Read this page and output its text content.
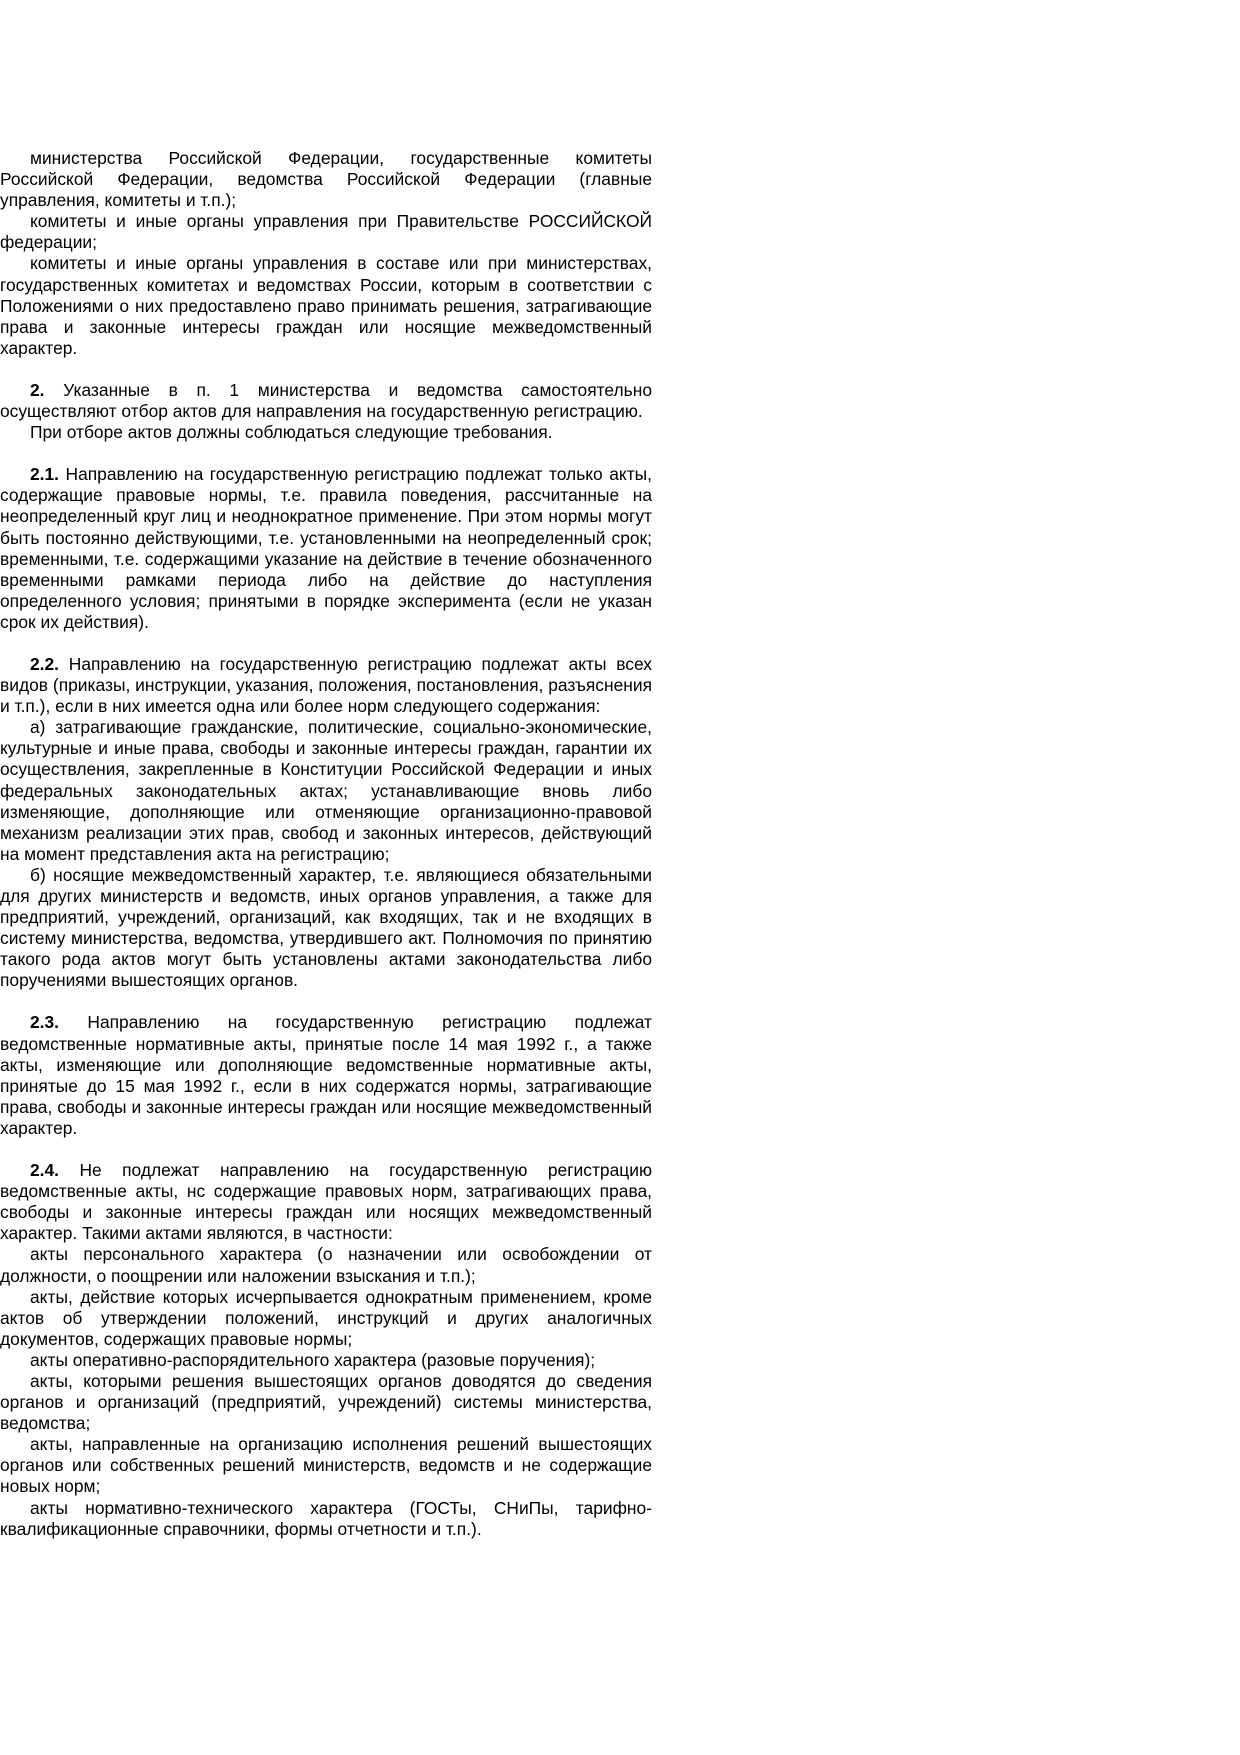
министерства Российской Федерации, государственные комитеты Российской Федерации, ведомства Российской Федерации (главные управления, комитеты и т.п.);

комитеты и иные органы управления при Правительстве РОССИЙСКОЙ федерации;

комитеты и иные органы управления в составе или при министерствах, государственных комитетах и ведомствах России, которым в соответствии с Положениями о них предоставлено право принимать решения, затрагивающие права и законные интересы граждан или носящие межведомственный характер.

2. Указанные в п. 1 министерства и ведомства самостоятельно осуществляют отбор актов для направления на государственную регистрацию.

При отборе актов должны соблюдаться следующие требования.

2.1. Направлению на государственную регистрацию подлежат только акты, содержащие правовые нормы, т.е. правила поведения, рассчитанные на неопределенный круг лиц и неоднократное применение. При этом нормы могут быть постоянно действующими, т.е. установленными на неопределенный срок; временными, т.е. содержащими указание на действие в течение обозначенного временными рамками периода либо на действие до наступления определенного условия; принятыми в порядке эксперимента (если не указан срок их действия).

2.2. Направлению на государственную регистрацию подлежат акты всех видов (приказы, инструкции, указания, положения, постановления, разъяснения и т.п.), если в них имеется одна или более норм следующего содержания:

а) затрагивающие гражданские, политические, социально-экономические, культурные и иные права, свободы и законные интересы граждан, гарантии их осуществления, закрепленные в Конституции Российской Федерации и иных федеральных законодательных актах; устанавливающие вновь либо изменяющие, дополняющие или отменяющие организационно-правовой механизм реализации этих прав, свобод и законных интересов, действующий на момент представления акта на регистрацию;

б) носящие межведомственный характер, т.е. являющиеся обязательными для других министерств и ведомств, иных органов управления, а также для предприятий, учреждений, организаций, как входящих, так и не входящих в систему министерства, ведомства, утвердившего акт. Полномочия по принятию такого рода актов могут быть установлены актами законодательства либо поручениями вышестоящих органов.

2.3. Направлению на государственную регистрацию подлежат ведомственные нормативные акты, принятые после 14 мая 1992 г., а также акты, изменяющие или дополняющие ведомственные нормативные акты, принятые до 15 мая 1992 г., если в них содержатся нормы, затрагивающие права, свободы и законные интересы граждан или носящие межведомственный характер.

2.4. Не подлежат направлению на государственную регистрацию ведомственные акты, нс содержащие правовых норм, затрагивающих права, свободы и законные интересы граждан или носящих межведомственный характер. Такими актами являются, в частности:

акты персонального характера (о назначении или освобождении от должности, о поощрении или наложении взыскания и т.п.);

акты, действие которых исчерпывается однократным применением, кроме актов об утверждении положений, инструкций и других аналогичных документов, содержащих правовые нормы;

акты оперативно-распорядительного характера (разовые поручения);

акты, которыми решения вышестоящих органов доводятся до сведения органов и организаций (предприятий, учреждений) системы министерства, ведомства;

акты, направленные на организацию исполнения решений вышестоящих органов или собственных решений министерств, ведомств и не содержащие новых норм;

акты нормативно-технического характера (ГОСТы, СНиПы, тарифно-квалификационные справочники, формы отчетности и т.п.).
